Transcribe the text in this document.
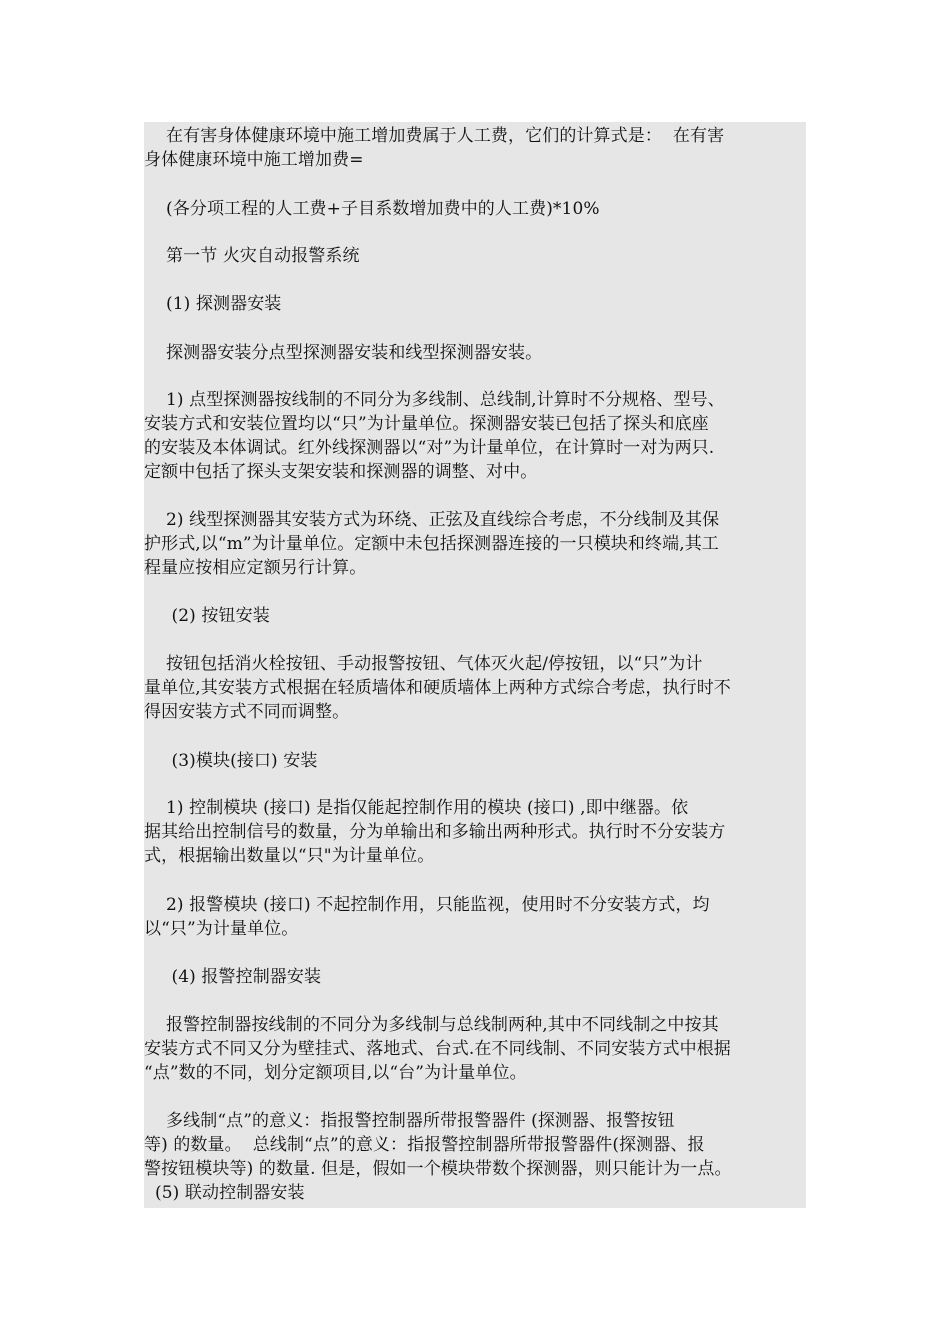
在有害身体健康环境中施工增加费属于人工费，它们的计算式是：  在有害
身体健康环境中施工增加费=
(各分项工程的人工费+子目系数增加费中的人工费)*10%
第一节 火灾自动报警系统
(1) 探测器安装
探测器安装分点型探测器安装和线型探测器安装。
1) 点型探测器按线制的不同分为多线制、总线制,计算时不分规格、型号、
安装方式和安装位置均以“只”为计量单位。探测器安装已包括了探头和底座
的安装及本体调试。红外线探测器以“对”为计量单位，在计算时一对为两只.
定额中包括了探头支架安装和探测器的调整、对中。
2) 线型探测器其安装方式为环绕、正弦及直线综合考虑，不分线制及其保
护形式,以“m”为计量单位。定额中未包括探测器连接的一只模块和终端,其工
程量应按相应定额另行计算。
(2) 按钮安装
按钮包括消火栓按钮、手动报警按钮、气体灭火起/停按钮，以“只”为计
量单位,其安装方式根据在轻质墙体和硬质墙体上两种方式综合考虑，执行时不
得因安装方式不同而调整。
(3)模块(接口) 安装
1) 控制模块 (接口) 是指仅能起控制作用的模块 (接口) ,即中继器。依
据其给出控制信号的数量，分为单输出和多输出两种形式。执行时不分安装方
式，根据输出数量以“只"为计量单位。
2) 报警模块 (接口) 不起控制作用，只能监视，使用时不分安装方式，均
以“只”为计量单位。
(4) 报警控制器安装
报警控制器按线制的不同分为多线制与总线制两种,其中不同线制之中按其
安装方式不同又分为壁挂式、落地式、台式.在不同线制、不同安装方式中根据
“点”数的不同，划分定额项目,以“台”为计量单位。
多线制“点”的意义：指报警控制器所带报警器件 (探测器、报警按钮
等) 的数量。  总线制“点”的意义：指报警控制器所带报警器件(探测器、报
警按钮模块等) 的数量. 但是，假如一个模块带数个探测器，则只能计为一点。
(5) 联动控制器安装
